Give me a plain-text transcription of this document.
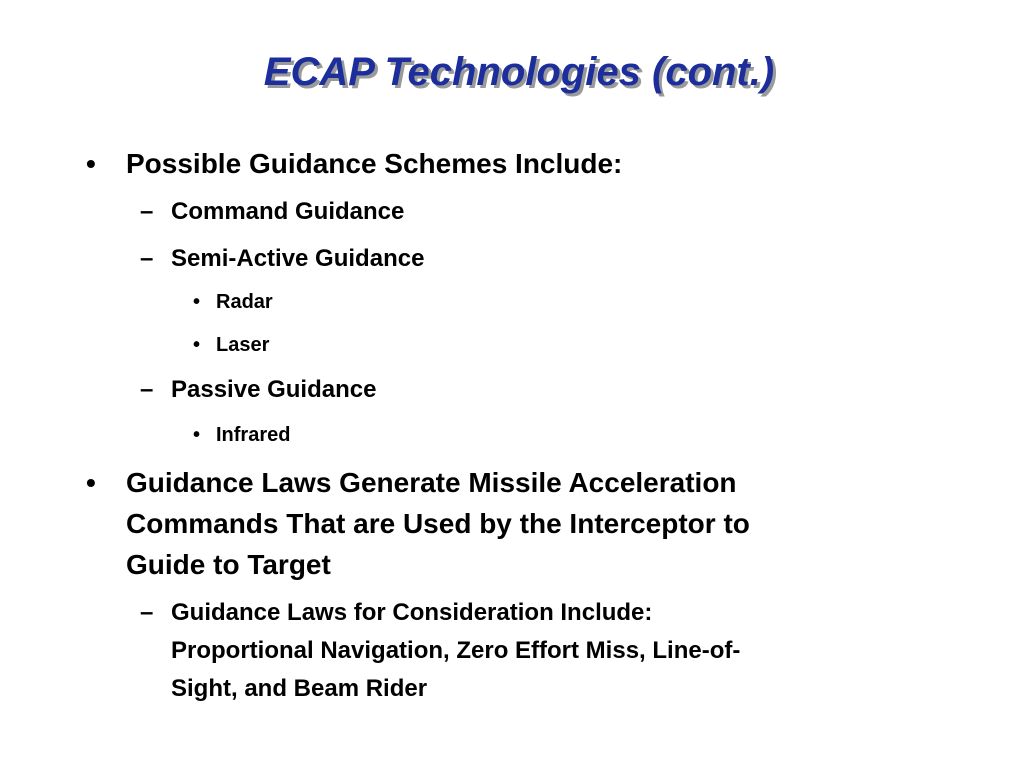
ECAP Technologies (cont.)
• Possible Guidance Schemes Include:
– Command Guidance
– Semi-Active Guidance
• Radar
• Laser
– Passive Guidance
• Infrared
• Guidance Laws Generate Missile Acceleration
Commands That are Used by the Interceptor to
Guide to Target
– Guidance Laws for Consideration Include:
Proportional Navigation, Zero Effort Miss, Line-of-
Sight, and Beam Rider
